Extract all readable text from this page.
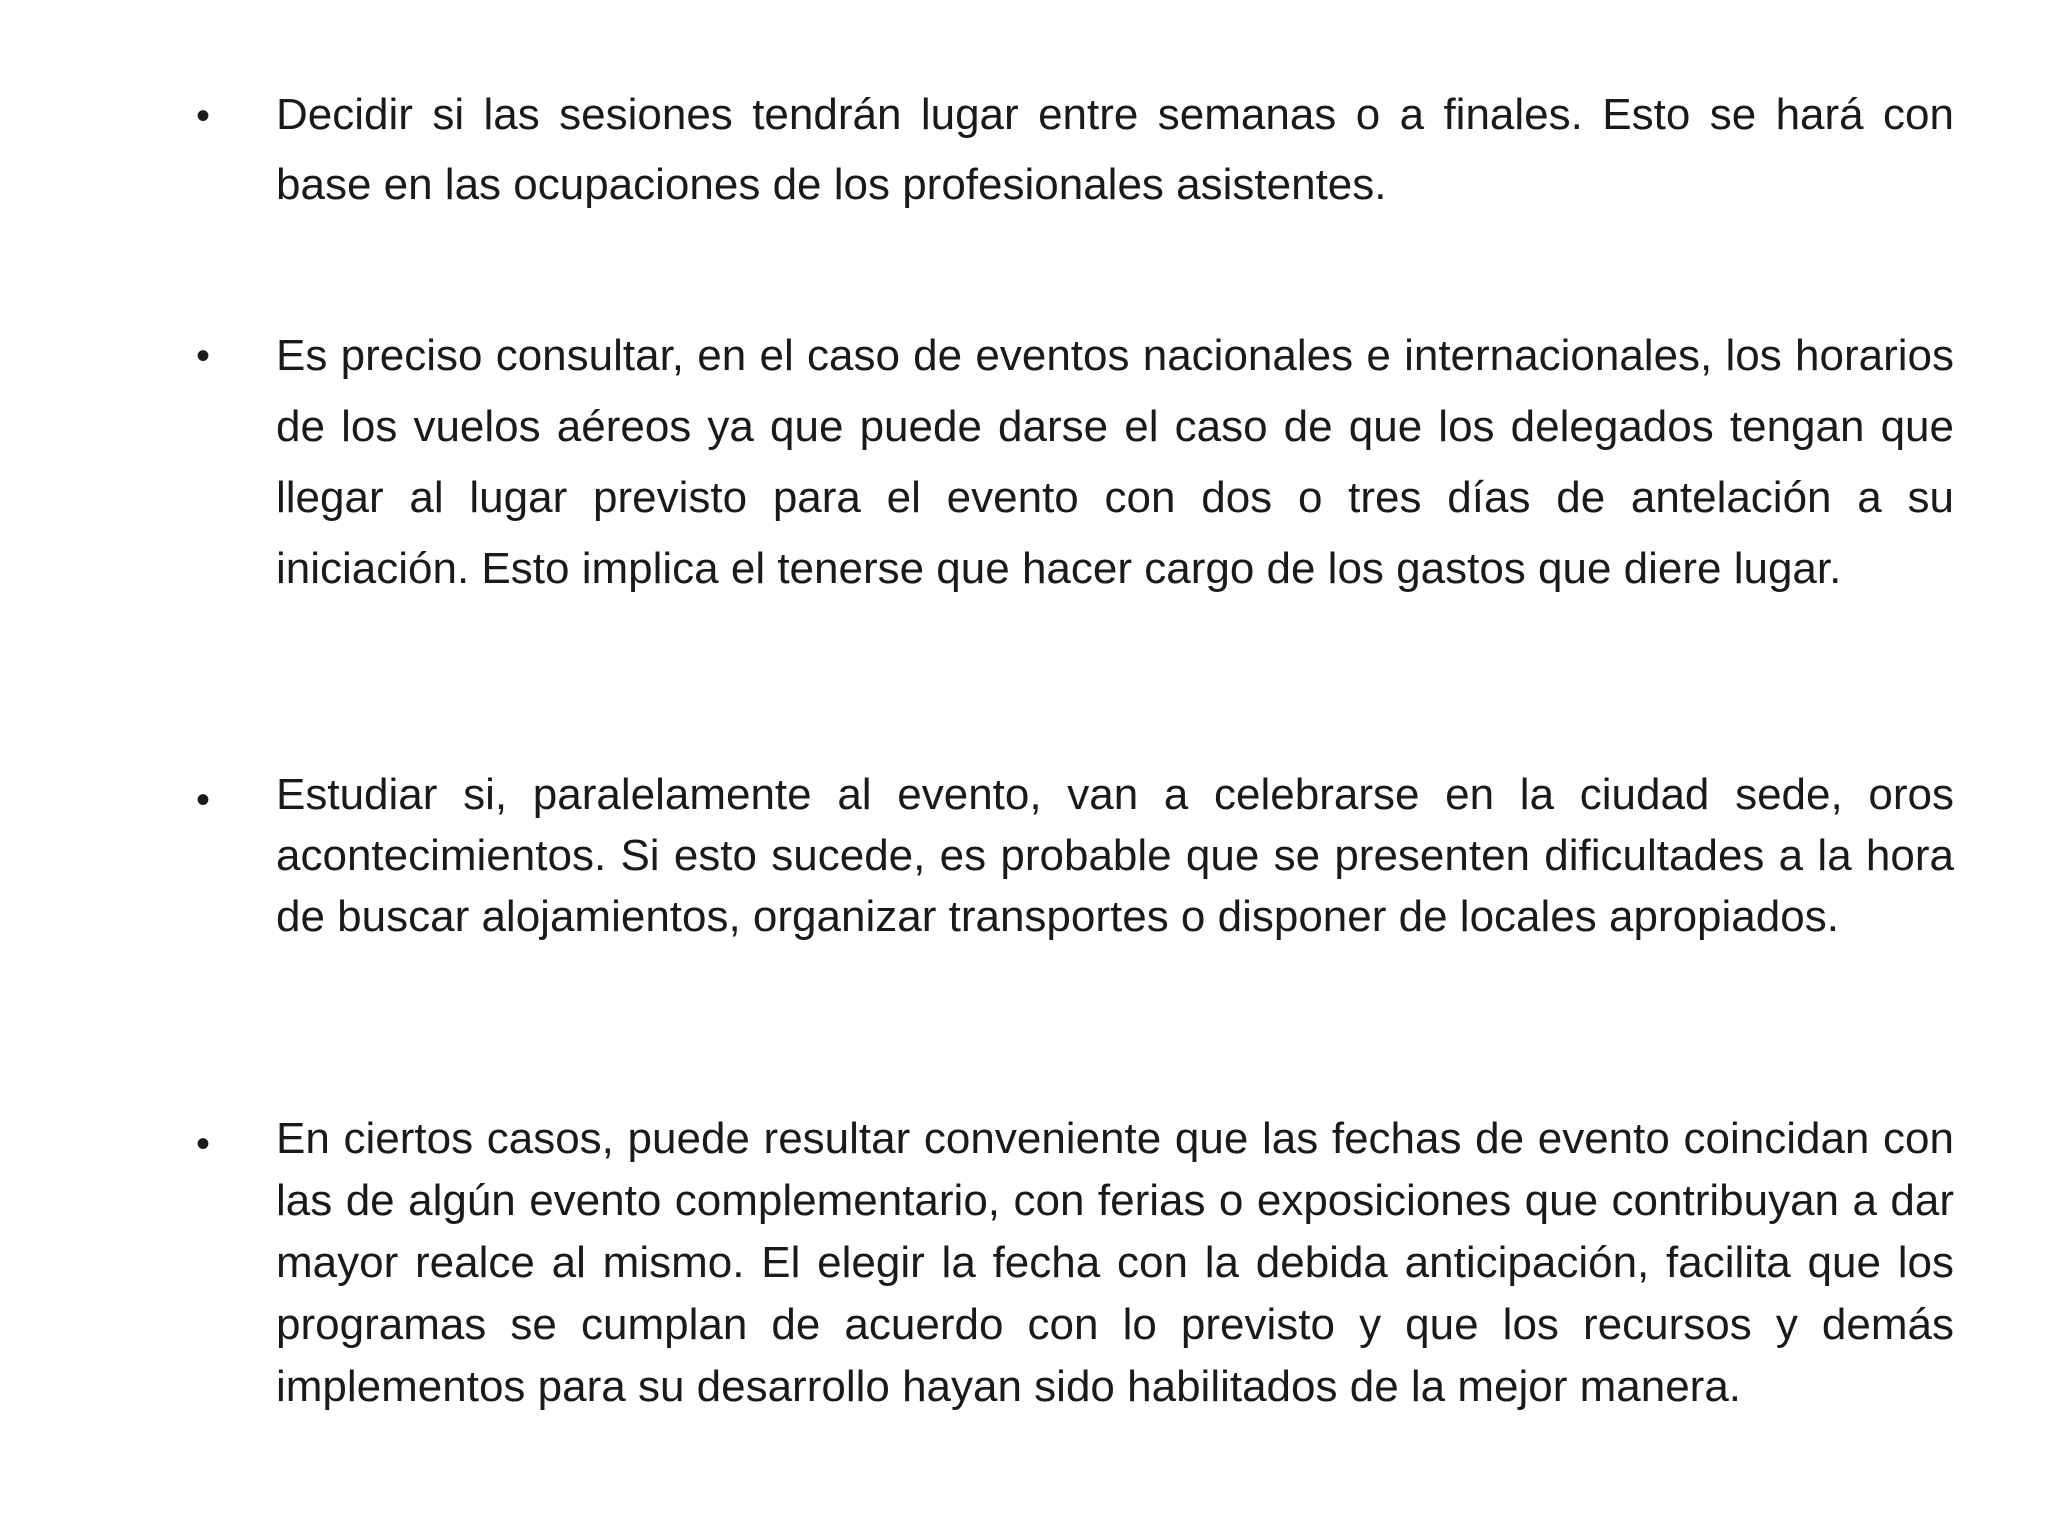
•	Decidir si las sesiones tendrán lugar entre semanas o a finales. Esto se hará con base en las ocupaciones de los profesionales asistentes.

•	Es preciso consultar, en el caso de eventos nacionales e internacionales, los horarios de los vuelos aéreos ya que puede darse el caso de que los delegados tengan que llegar al lugar previsto para el evento con dos o tres días de antelación a su iniciación. Esto implica el tenerse que hacer cargo de los gastos que diere lugar.

•	Estudiar si, paralelamente al evento, van a celebrarse en la ciudad sede, oros acontecimientos. Si esto sucede, es probable que se presenten dificultades a la hora de buscar alojamientos, organizar transportes o disponer de locales apropiados.

•	En ciertos casos, puede resultar conveniente que las fechas de evento coincidan con las de algún evento complementario, con ferias o exposiciones que contribuyan a dar mayor realce al mismo. El elegir la fecha con la debida anticipación, facilita que los programas se cumplan de acuerdo con lo previsto y que los recursos y demás implementos para su desarrollo hayan sido habilitados de la mejor manera.
